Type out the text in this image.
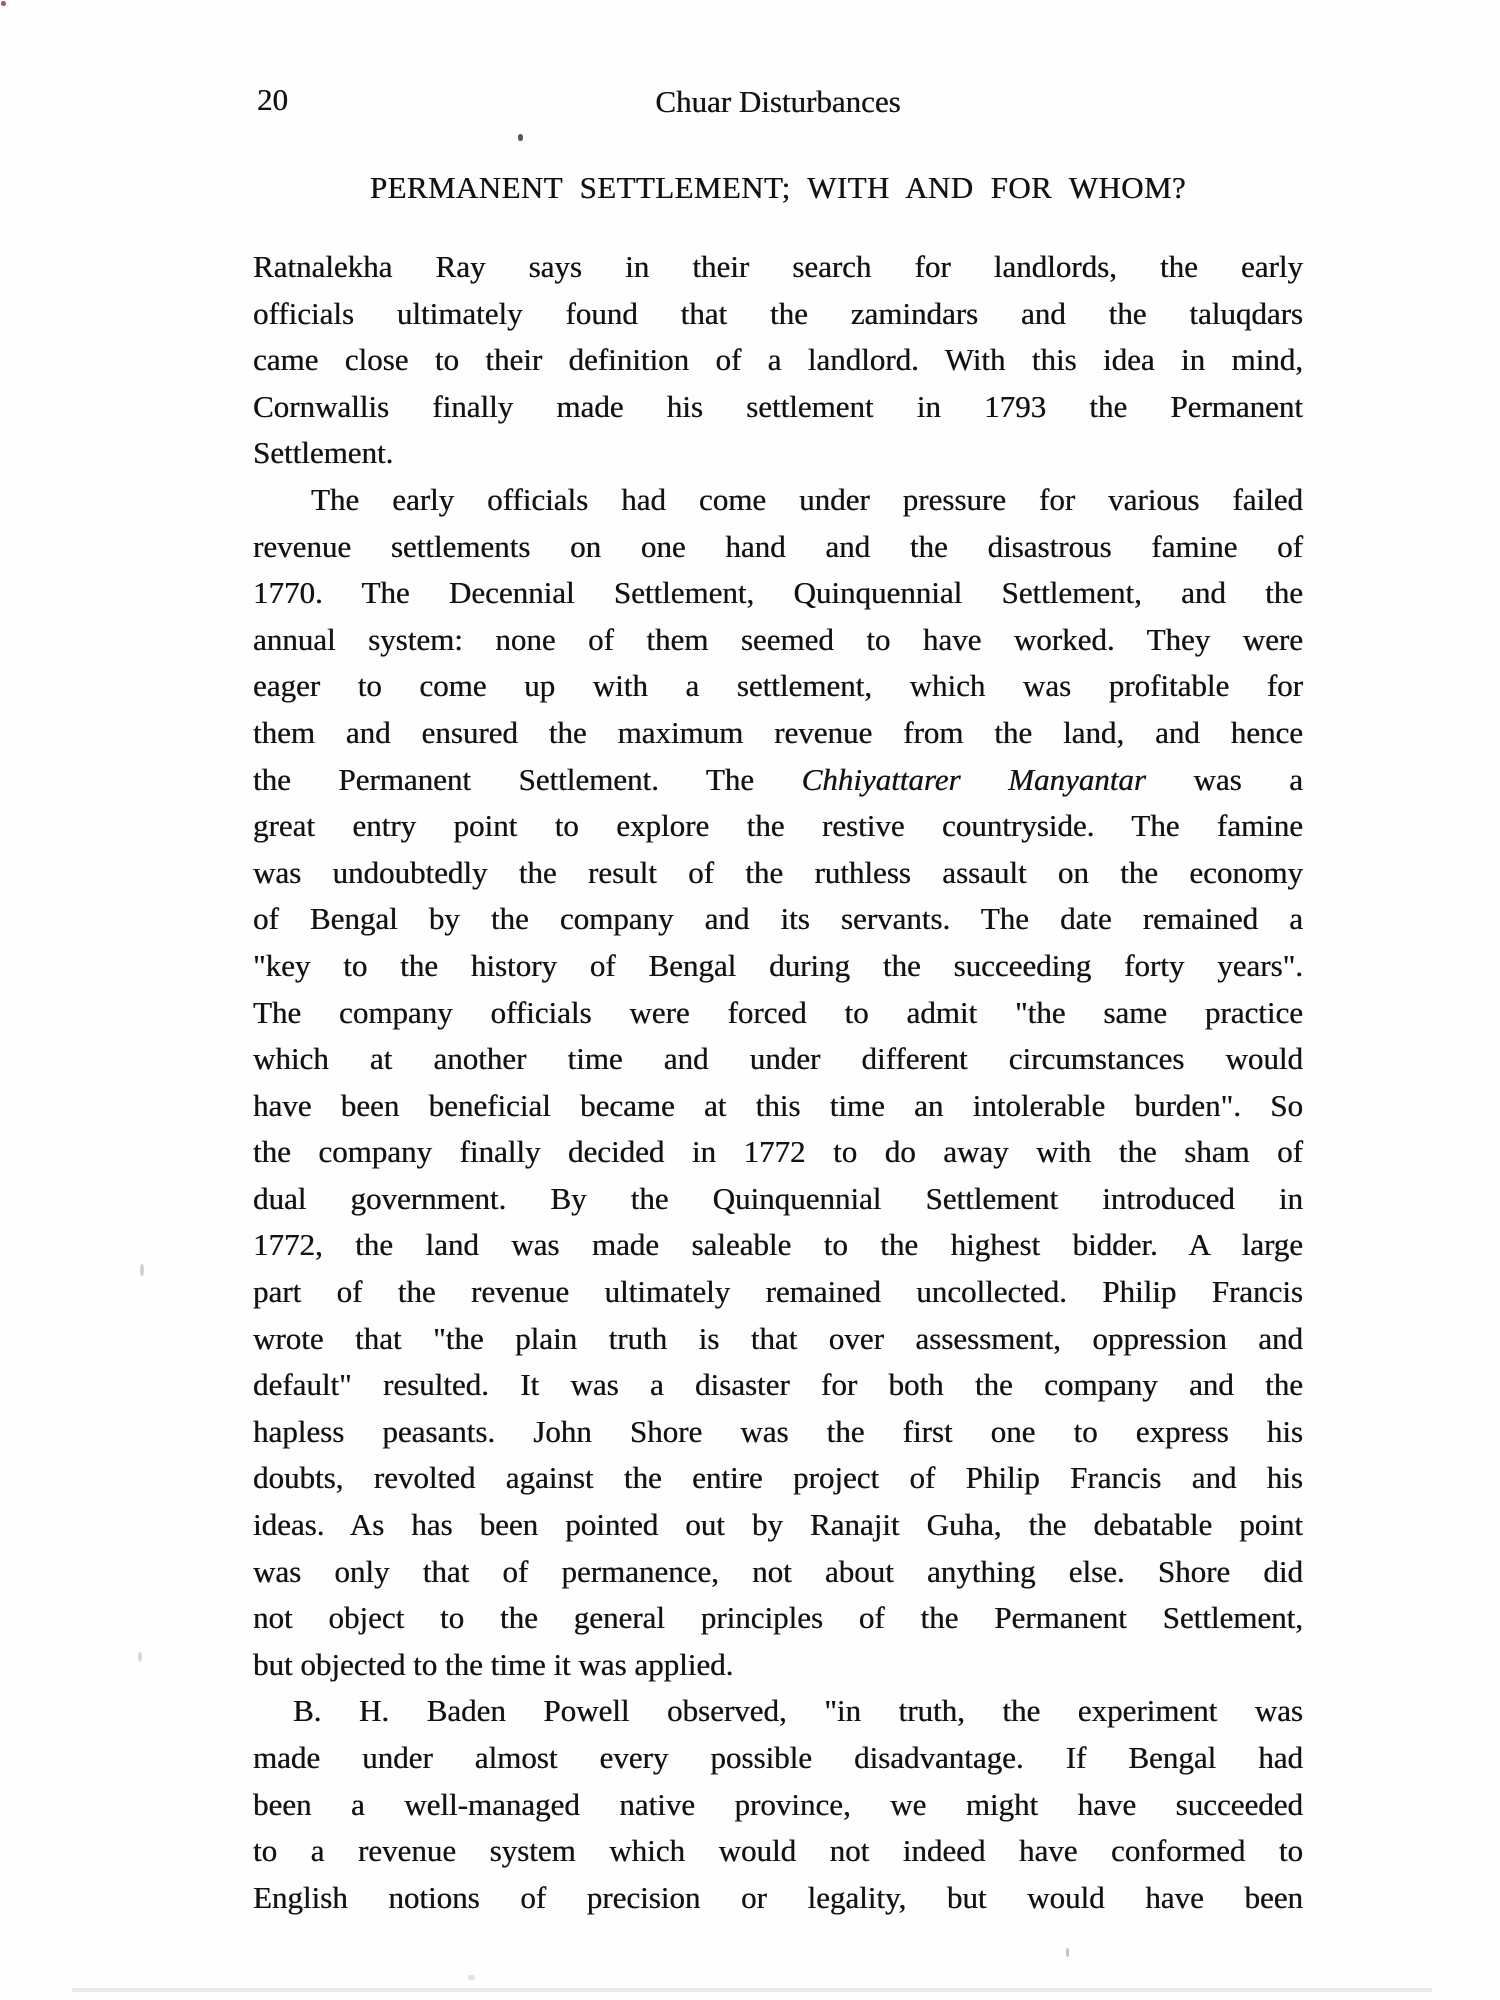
20	Chuar Disturbances
PERMANENT SETTLEMENT; WITH AND FOR WHOM?
Ratnalekha Ray says in their search for landlords, the early
officials ultimately found that the zamindars and the taluqdars
came close to their definition of a landlord. With this idea in mind,
Cornwallis finally made his settlement in 1793 the Permanent
Settlement.
The early officials had come under pressure for various failed
revenue settlements on one hand and the disastrous famine of
1770. The Decennial Settlement, Quinquennial Settlement, and the
annual system: none of them seemed to have worked. They were
eager to come up with a settlement, which was profitable for
them and ensured the maximum revenue from the land, and hence
the Permanent Settlement. The Chhiyattarer Manyantar was a
great entry point to explore the restive countryside. The famine
was undoubtedly the result of the ruthless assault on the economy
of Bengal by the company and its servants. The date remained a
"key to the history of Bengal during the succeeding forty years".
The company officials were forced to admit "the same practice
which at another time and under different circumstances would
have been beneficial became at this time an intolerable burden". So
the company finally decided in 1772 to do away with the sham of
dual government. By the Quinquennial Settlement introduced in
1772, the land was made saleable to the highest bidder. A large
part of the revenue ultimately remained uncollected. Philip Francis
wrote that "the plain truth is that over assessment, oppression and
default" resulted. It was a disaster for both the company and the
hapless peasants. John Shore was the first one to express his
doubts, revolted against the entire project of Philip Francis and his
ideas. As has been pointed out by Ranajit Guha, the debatable point
was only that of permanence, not about anything else. Shore did
not object to the general principles of the Permanent Settlement,
but objected to the time it was applied.
B. H. Baden Powell observed, "in truth, the experiment was
made under almost every possible disadvantage. If Bengal had
been a well-managed native province, we might have succeeded
to a revenue system which would not indeed have conformed to
English notions of precision or legality, but would have been
